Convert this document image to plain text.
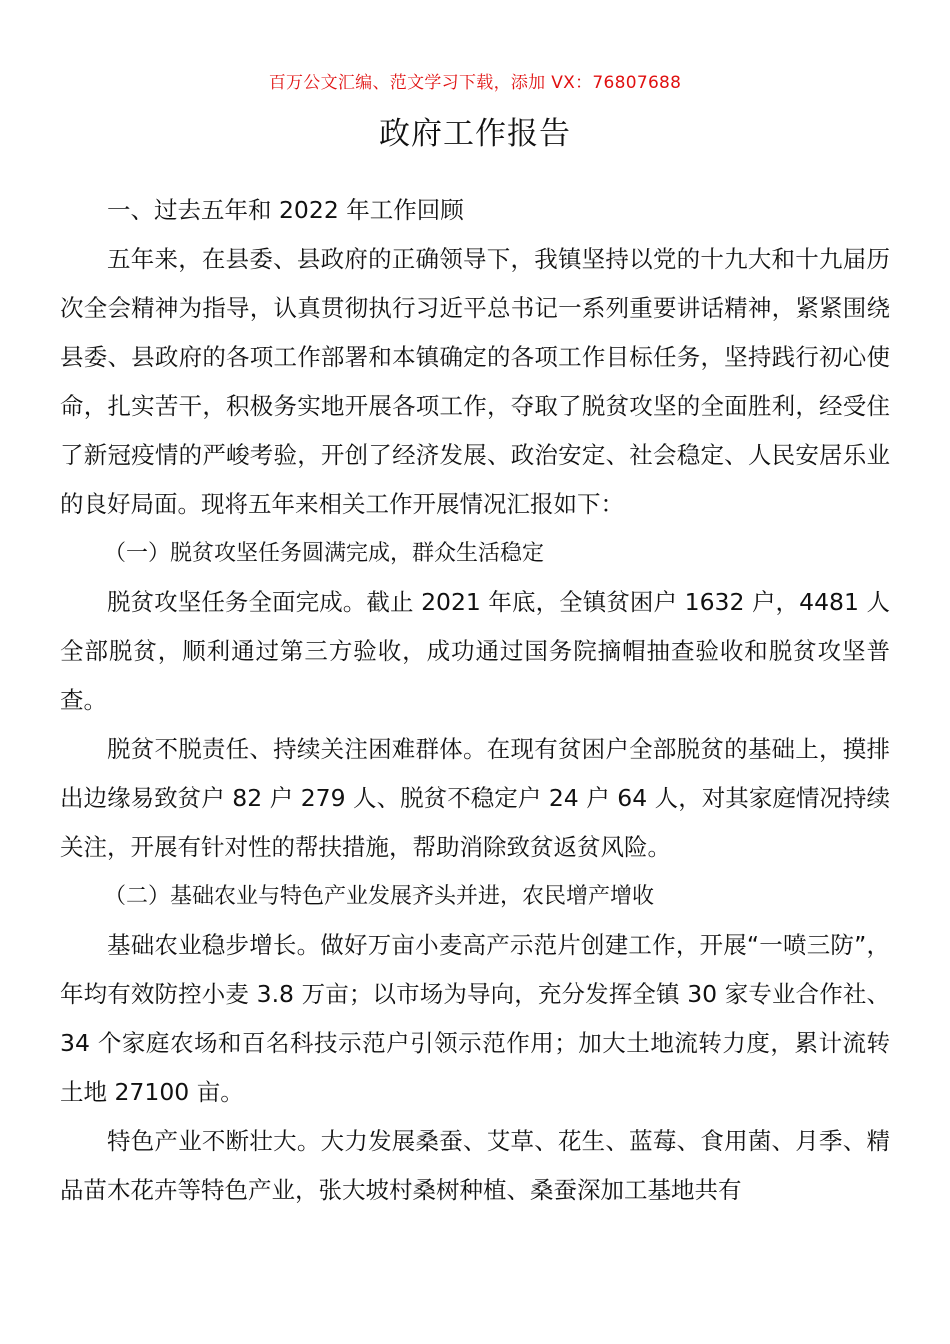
百万公文汇编、范文学习下载，添加 VX：76807688
政府工作报告

一、过去五年和 2022 年工作回顾

五年来，在县委、县政府的正确领导下，我镇坚持以党的十九大和十九届历次全会精神为指导，认真贯彻执行习近平总书记一系列重要讲话精神，紧紧围绕县委、县政府的各项工作部署和本镇确定的各项工作目标任务，坚持践行初心使命，扎实苦干，积极务实地开展各项工作，夺取了脱贫攻坚的全面胜利，经受住了新冠疫情的严峻考验，开创了经济发展、政治安定、社会稳定、人民安居乐业的良好局面。现将五年来相关工作开展情况汇报如下：

（一）脱贫攻坚任务圆满完成，群众生活稳定

脱贫攻坚任务全面完成。截止 2021 年底，全镇贫困户 1632 户，4481 人全部脱贫，顺利通过第三方验收，成功通过国务院摘帽抽查验收和脱贫攻坚普查。

脱贫不脱责任、持续关注困难群体。在现有贫困户全部脱贫的基础上，摸排出边缘易致贫户 82 户 279 人、脱贫不稳定户 24 户 64 人，对其家庭情况持续关注，开展有针对性的帮扶措施，帮助消除致贫返贫风险。

（二）基础农业与特色产业发展齐头并进，农民增产增收

基础农业稳步增长。做好万亩小麦高产示范片创建工作，开展“一喷三防”，年均有效防控小麦 3.8 万亩；以市场为导向，充分发挥全镇 30 家专业合作社、34 个家庭农场和百名科技示范户引领示范作用；加大土地流转力度，累计流转土地 27100 亩。

特色产业不断壮大。大力发展桑蚕、艾草、花生、蓝莓、食用菌、月季、精品苗木花卉等特色产业，张大坡村桑树种植、桑蚕深加工基地共有
